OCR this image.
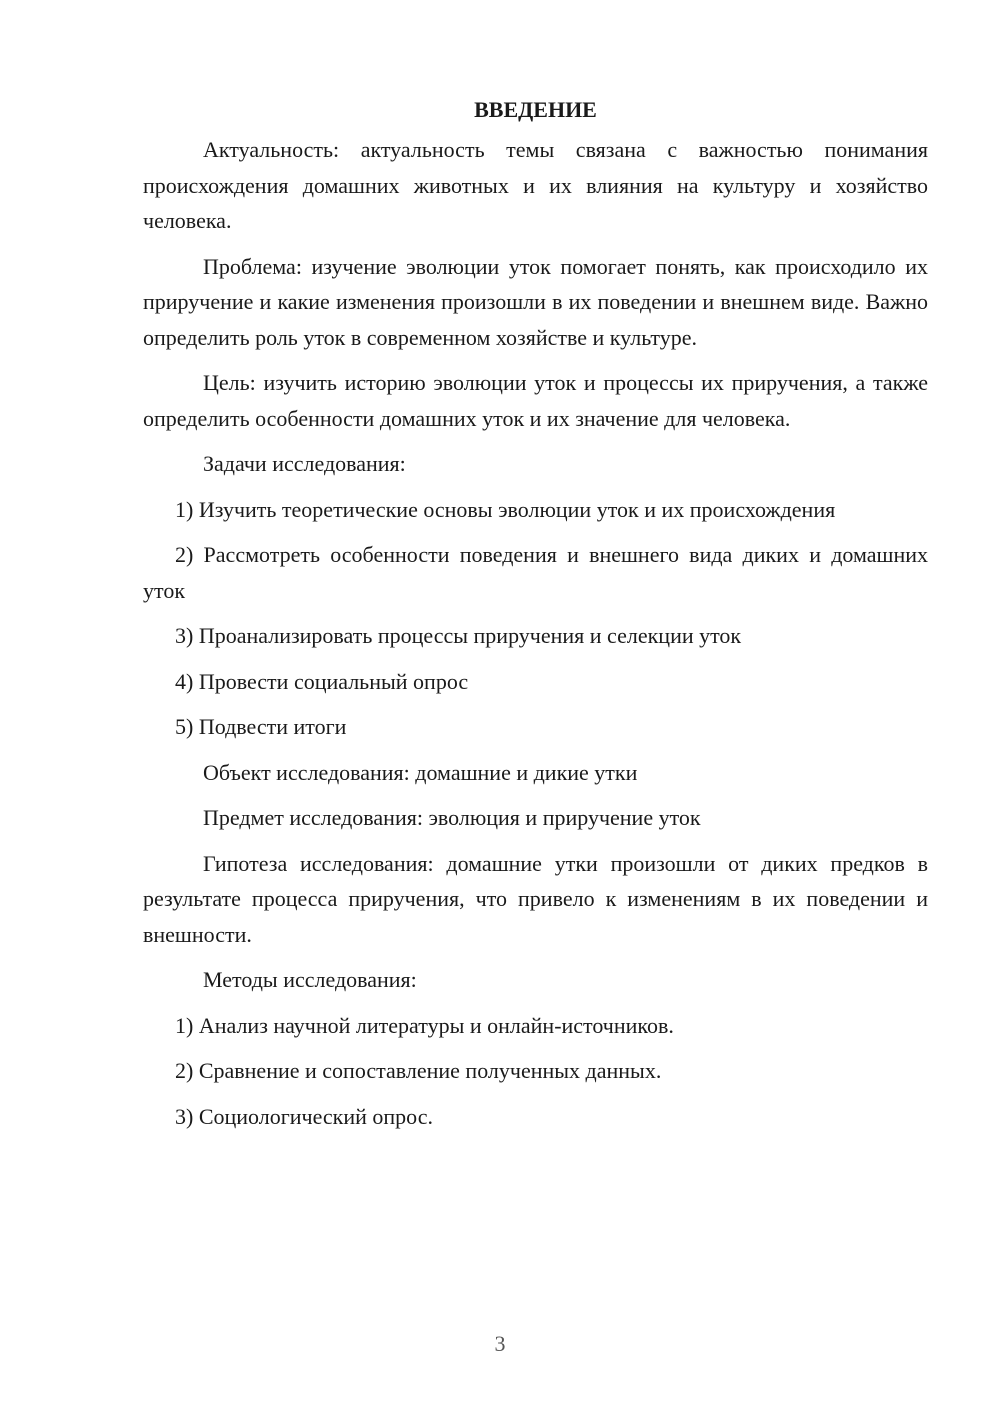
ВВЕДЕНИЕ

Актуальность: актуальность темы связана с важностью понимания происхождения домашних животных и их влияния на культуру и хозяйство человека.

Проблема: изучение эволюции уток помогает понять, как происходило их приручение и какие изменения произошли в их поведении и внешнем виде. Важно определить роль уток в современном хозяйстве и культуре.

Цель: изучить историю эволюции уток и процессы их приручения, а также определить особенности домашних уток и их значение для человека.

Задачи исследования:

1) Изучить теоретические основы эволюции уток и их происхождения

2) Рассмотреть особенности поведения и внешнего вида диких и домашних уток

3) Проанализировать процессы приручения и селекции уток

4) Провести социальный опрос

5) Подвести итоги

Объект исследования: домашние и дикие утки

Предмет исследования: эволюция и приручение уток

Гипотеза исследования: домашние утки произошли от диких предков в результате процесса приручения, что привело к изменениям в их поведении и внешности.

Методы исследования:

1) Анализ научной литературы и онлайн-источников.

2) Сравнение и сопоставление полученных данных.

3) Социологический опрос.

3
